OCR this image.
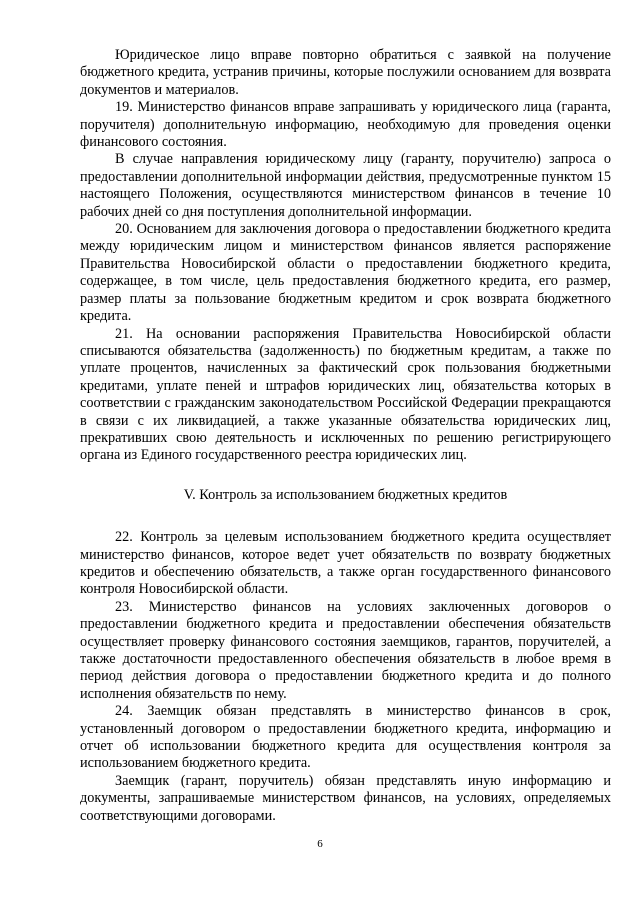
Юридическое лицо вправе повторно обратиться с заявкой на получение бюджетного кредита, устранив причины, которые послужили основанием для возврата документов и материалов.

19. Министерство финансов вправе запрашивать у юридического лица (гаранта, поручителя) дополнительную информацию, необходимую для проведения оценки финансового состояния.

В случае направления юридическому лицу (гаранту, поручителю) запроса о предоставлении дополнительной информации действия, предусмотренные пунктом 15 настоящего Положения, осуществляются министерством финансов в течение 10 рабочих дней со дня поступления дополнительной информации.

20. Основанием для заключения договора о предоставлении бюджетного кредита между юридическим лицом и министерством финансов является распоряжение Правительства Новосибирской области о предоставлении бюджетного кредита, содержащее, в том числе, цель предоставления бюджетного кредита, его размер, размер платы за пользование бюджетным кредитом и срок возврата бюджетного кредита.

21. На основании распоряжения Правительства Новосибирской области списываются обязательства (задолженность) по бюджетным кредитам, а также по уплате процентов, начисленных за фактический срок пользования бюджетными кредитами, уплате пеней и штрафов юридических лиц, обязательства которых в соответствии с гражданским законодательством Российской Федерации прекращаются в связи с их ликвидацией, а также указанные обязательства юридических лиц, прекративших свою деятельность и исключенных по решению регистрирующего органа из Единого государственного реестра юридических лиц.

V. Контроль за использованием бюджетных кредитов

22. Контроль за целевым использованием бюджетного кредита осуществляет министерство финансов, которое ведет учет обязательств по возврату бюджетных кредитов и обеспечению обязательств, а также орган государственного финансового контроля Новосибирской области.

23. Министерство финансов на условиях заключенных договоров о предоставлении бюджетного кредита и предоставлении обеспечения обязательств осуществляет проверку финансового состояния заемщиков, гарантов, поручителей, а также достаточности предоставленного обеспечения обязательств в любое время в период действия договора о предоставлении бюджетного кредита и до полного исполнения обязательств по нему.

24. Заемщик обязан представлять в министерство финансов в срок, установленный договором о предоставлении бюджетного кредита, информацию и отчет об использовании бюджетного кредита для осуществления контроля за использованием бюджетного кредита.

Заемщик (гарант, поручитель) обязан представлять иную информацию и документы, запрашиваемые министерством финансов, на условиях, определяемых соответствующими договорами.

6
